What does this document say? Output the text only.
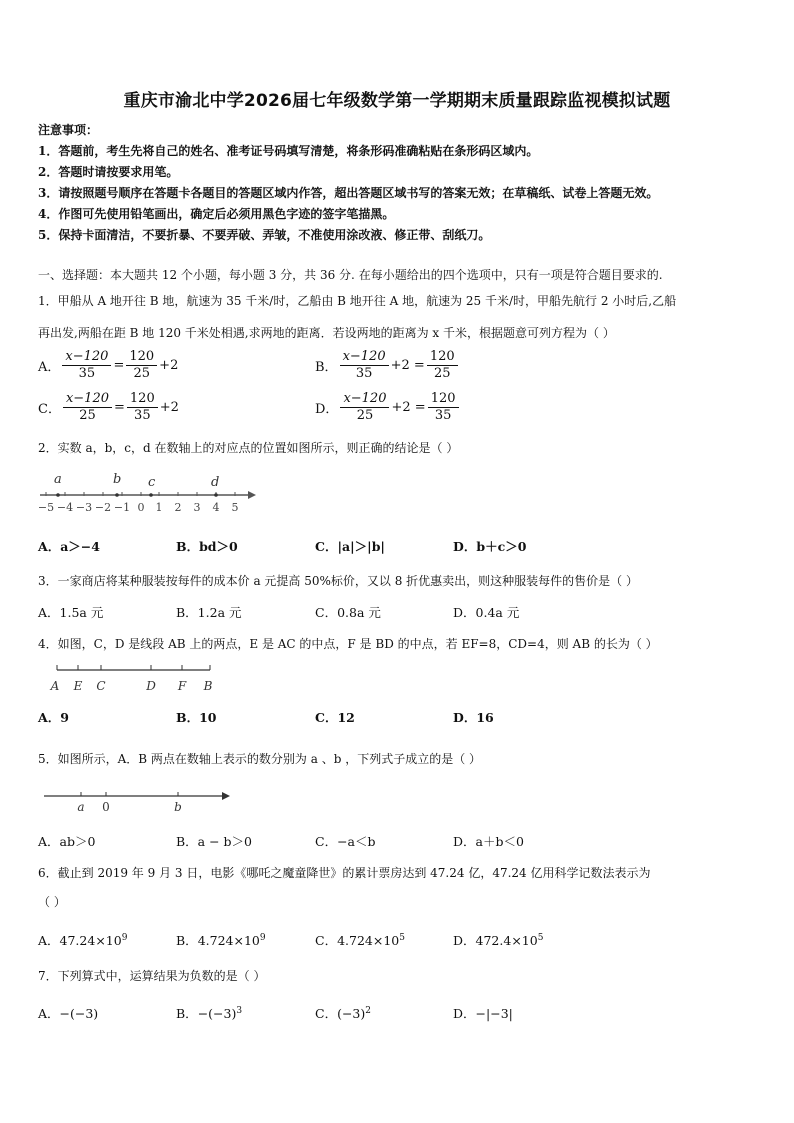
重庆市渝北中学2026届七年级数学第一学期期末质量跟踪监视模拟试题
注意事项：
1．答题前，考生先将自己的姓名、准考证号码填写清楚，将条形码准确粘贴在条形码区域内。
2．答题时请按要求用笔。
3．请按照题号顺序在答题卡各题目的答题区域内作答，超出答题区域书写的答案无效；在草稿纸、试卷上答题无效。
4．作图可先使用铅笔画出，确定后必须用黑色字迹的签字笔描黑。
5．保持卡面清洁，不要折暴、不要弄破、弄皱，不准使用涂改液、修正带、刮纸刀。
一、选择题：本大题共 12 个小题，每小题 3 分，共 36 分. 在每小题给出的四个选项中，只有一项是符合题目要求的.
1．甲船从 A 地开往 B 地，航速为 35 千米/时，乙船由 B 地开往 A 地，航速为 25 千米/时，甲船先航行 2 小时后,乙船
再出发,两船在距 B 地 120 千米处相遇,求两地的距离．若设两地的距离为 x 千米，根据题意可列方程为（ ）
A． $\frac{x-120}{35} = \frac{120}{25} +2$	B． $\frac{x-120}{35} +2 = \frac{120}{25}$
C． $\frac{x-120}{25} = \frac{120}{35} +2$	D． $\frac{x-120}{25} +2 = \frac{120}{35}$
2．实数 a，b，c，d 在数轴上的对应点的位置如图所示，则正确的结论是（ ）
a	b c	d
−5 −4 −3 −2 −1 0 1 2 3 4 5
A．a＞−4	B．bd＞0	C．|a|＞|b|	D．b＋c＞0
3．一家商店将某种服装按每件的成本价 a 元提高 50%标价，又以 8 折优惠卖出，则这种服装每件的售价是（ ）
A．1.5a 元	B．1.2a 元	C．0.8a 元	D．0.4a 元
4．如图，C，D 是线段 AB 上的两点，E 是 AC 的中点，F 是 BD 的中点，若 EF=8，CD=4，则 AB 的长为（ ）
A E C	D F B
A．9	B．10	C．12	D．16
5．如图所示，A．B 两点在数轴上表示的数分别为 a 、b ，下列式子成立的是（ ）
a 0	b
A．ab＞0	B．a − b＞0	C．−a＜b	D．a＋b＜0
6．截止到 2019 年 9 月 3 日，电影《哪吒之魔童降世》的累计票房达到 47.24 亿，47.24 亿用科学记数法表示为
（ ）
A．$47.24\times 10^9$	B．$4.724\times 10^9$	C．$4.724\times 10^5$	D．$472.4\times 10^5$
7．下列算式中，运算结果为负数的是（ ）
A．−(−3)	B．$-(-3)^3$	C．$(-3)^2$	D．−|−3|
